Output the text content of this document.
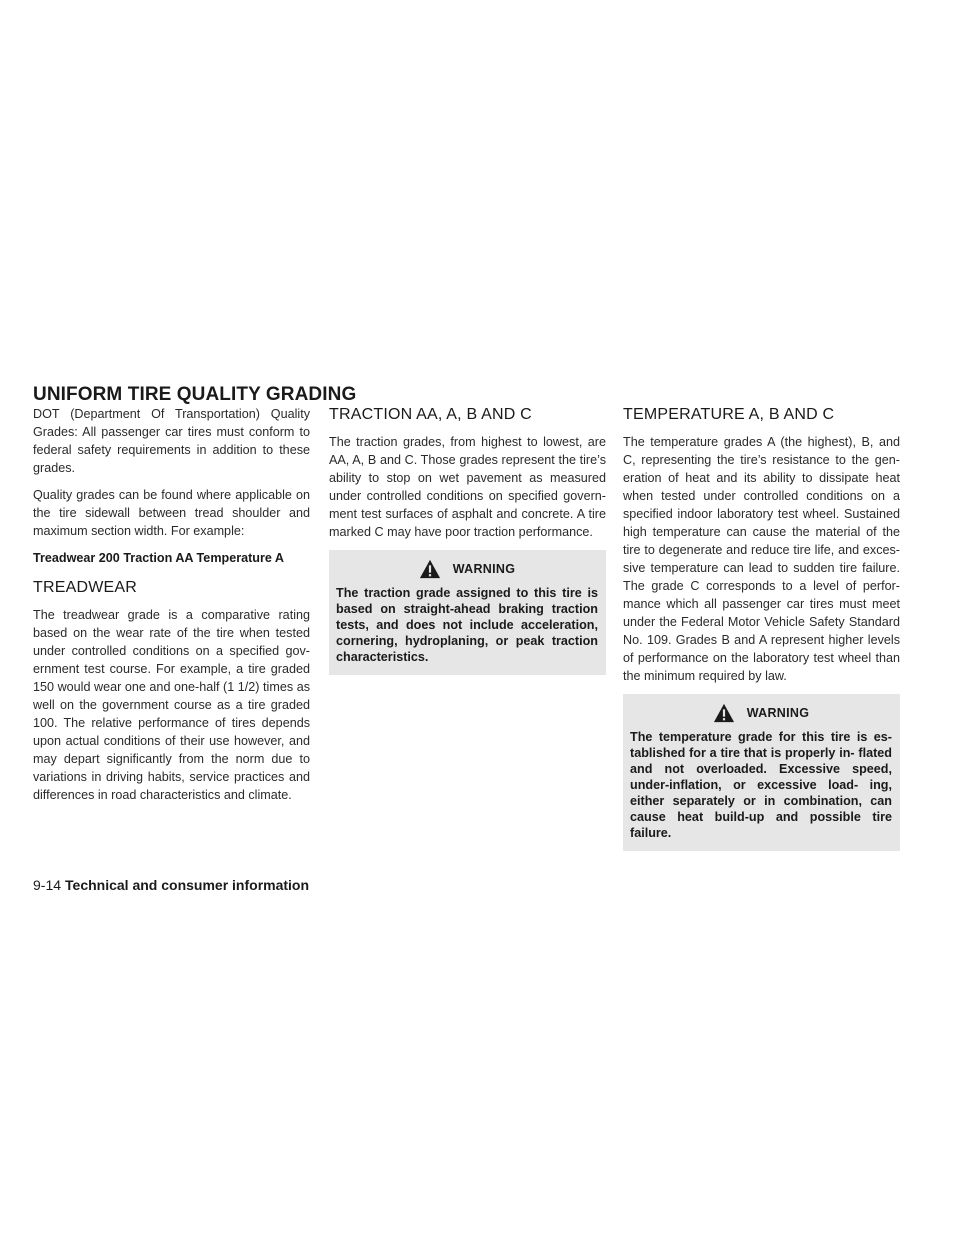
UNIFORM TIRE QUALITY GRADING

DOT (Department Of Transportation) Quality Grades: All passenger car tires must conform to federal safety requirements in addition to these grades.

Quality grades can be found where applicable on the tire sidewall between tread shoulder and maximum section width. For example:

Treadwear 200 Traction AA Temperature A

TREADWEAR

The treadwear grade is a comparative rating based on the wear rate of the tire when tested under controlled conditions on a specified gov- ernment test course. For example, a tire graded 150 would wear one and one-half (1 1/2) times as well on the government course as a tire graded 100. The relative performance of tires depends upon actual conditions of their use however, and may depart significantly from the norm due to variations in driving habits, service practices and differences in road characteristics and climate.

TRACTION AA, A, B AND C

The traction grades, from highest to lowest, are AA, A, B and C. Those grades represent the tire’s ability to stop on wet pavement as measured under controlled conditions on specified govern- ment test surfaces of asphalt and concrete. A tire marked C may have poor traction performance.

WARNING

The traction grade assigned to this tire is based on straight-ahead braking traction tests, and does not include acceleration, cornering, hydroplaning, or peak traction characteristics.

TEMPERATURE A, B AND C

The temperature grades A (the highest), B, and C, representing the tire’s resistance to the gen- eration of heat and its ability to dissipate heat when tested under controlled conditions on a specified indoor laboratory test wheel. Sustained high temperature can cause the material of the tire to degenerate and reduce tire life, and exces- sive temperature can lead to sudden tire failure. The grade C corresponds to a level of perfor- mance which all passenger car tires must meet under the Federal Motor Vehicle Safety Standard No. 109. Grades B and A represent higher levels of performance on the laboratory test wheel than the minimum required by law.

WARNING

The temperature grade for this tire is es- tablished for a tire that is properly in- flated and not overloaded. Excessive speed, under-inflation, or excessive load- ing, either separately or in combination, can cause heat build-up and possible tire failure.

9-14 Technical and consumer information
